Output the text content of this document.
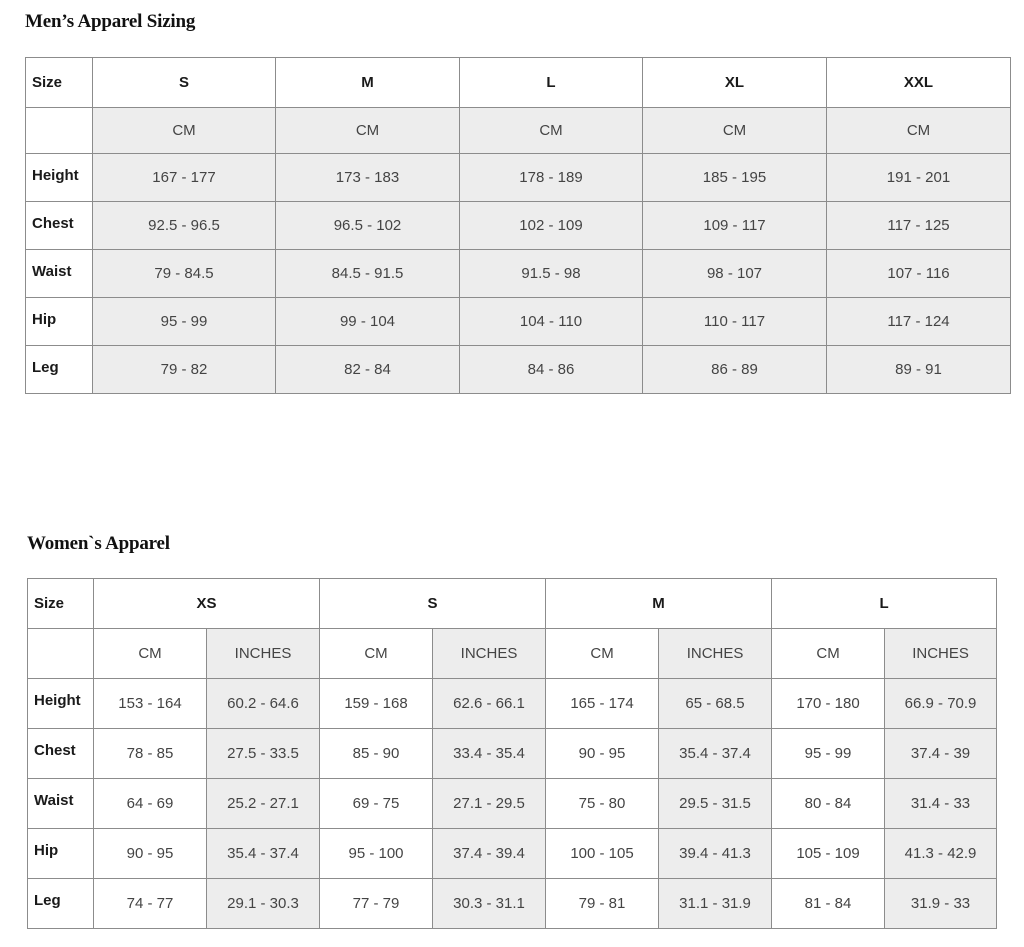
Men’s Apparel Sizing
Size	S	M	L	XL	XXL
	CM	CM	CM	CM	CM
Height	167 - 177	173 - 183	178 - 189	185 - 195	191 - 201
Chest	92.5 - 96.5	96.5 - 102	102 - 109	109 - 117	117 - 125
Waist	79 - 84.5	84.5 - 91.5	91.5 - 98	98 - 107	107 - 116
Hip	95 - 99	99 - 104	104 - 110	110 - 117	117 - 124
Leg	79 - 82	82 - 84	84 - 86	86 - 89	89 - 91
Women`s Apparel
Size	XS		S		M		L	
	CM	INCHES	CM	INCHES	CM	INCHES	CM	INCHES
Height	153 - 164	60.2 - 64.6	159 - 168	62.6 - 66.1	165 - 174	65 - 68.5	170 - 180	66.9 - 70.9
Chest	78 - 85	27.5 - 33.5	85 - 90	33.4 - 35.4	90 - 95	35.4 - 37.4	95 - 99	37.4 - 39
Waist	64 - 69	25.2 - 27.1	69 - 75	27.1 - 29.5	75 - 80	29.5 - 31.5	80 - 84	31.4 - 33
Hip	90 - 95	35.4 - 37.4	95 - 100	37.4 - 39.4	100 - 105	39.4 - 41.3	105 - 109	41.3 - 42.9
Leg	74 - 77	29.1 - 30.3	77 - 79	30.3 - 31.1	79 - 81	31.1 - 31.9	81 - 84	31.9 - 33
